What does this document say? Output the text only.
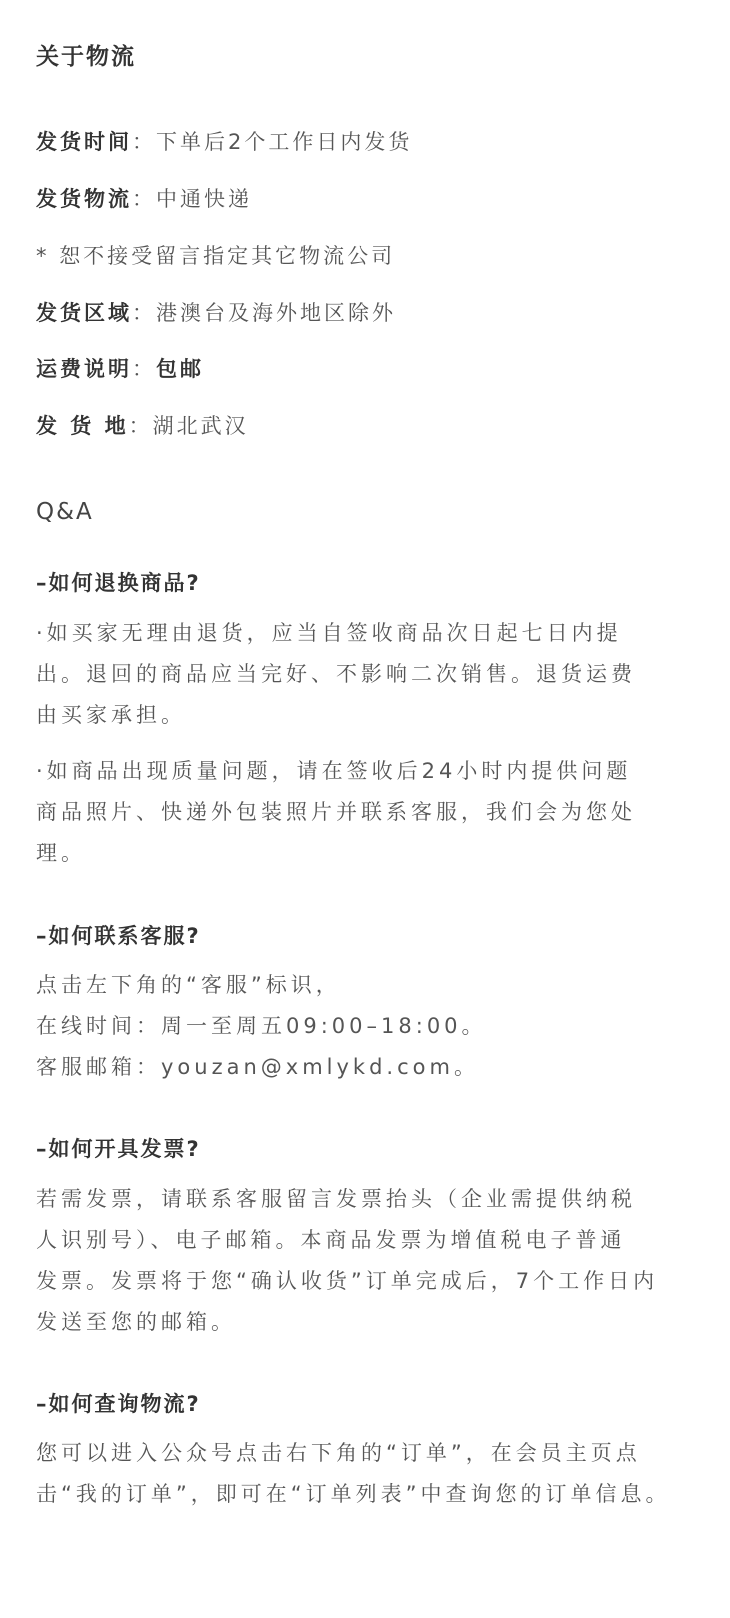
关于物流
发货时间：下单后2个工作日内发货
发货物流：中通快递
* 恕不接受留言指定其它物流公司
发货区域：港澳台及海外地区除外
运费说明：包邮
发 货 地：湖北武汉
Q&A
–如何退换商品?
·如买家无理由退货，应当自签收商品次日起七日内提
出。退回的商品应当完好、不影响二次销售。退货运费
由买家承担。
·如商品出现质量问题，请在签收后24小时内提供问题
商品照片、快递外包装照片并联系客服，我们会为您处
理。
–如何联系客服?
点击左下角的“客服”标识，
在线时间：周一至周五09:00–18:00。
客服邮箱：youzan@xmlykd.com。
–如何开具发票?
若需发票，请联系客服留言发票抬头（企业需提供纳税
人识别号）、电子邮箱。本商品发票为增值税电子普通
发票。发票将于您“确认收货”订单完成后，7个工作日内
发送至您的邮箱。
–如何查询物流?
您可以进入公众号点击右下角的“订单”，在会员主页点
击“我的订单”，即可在“订单列表”中查询您的订单信息。
